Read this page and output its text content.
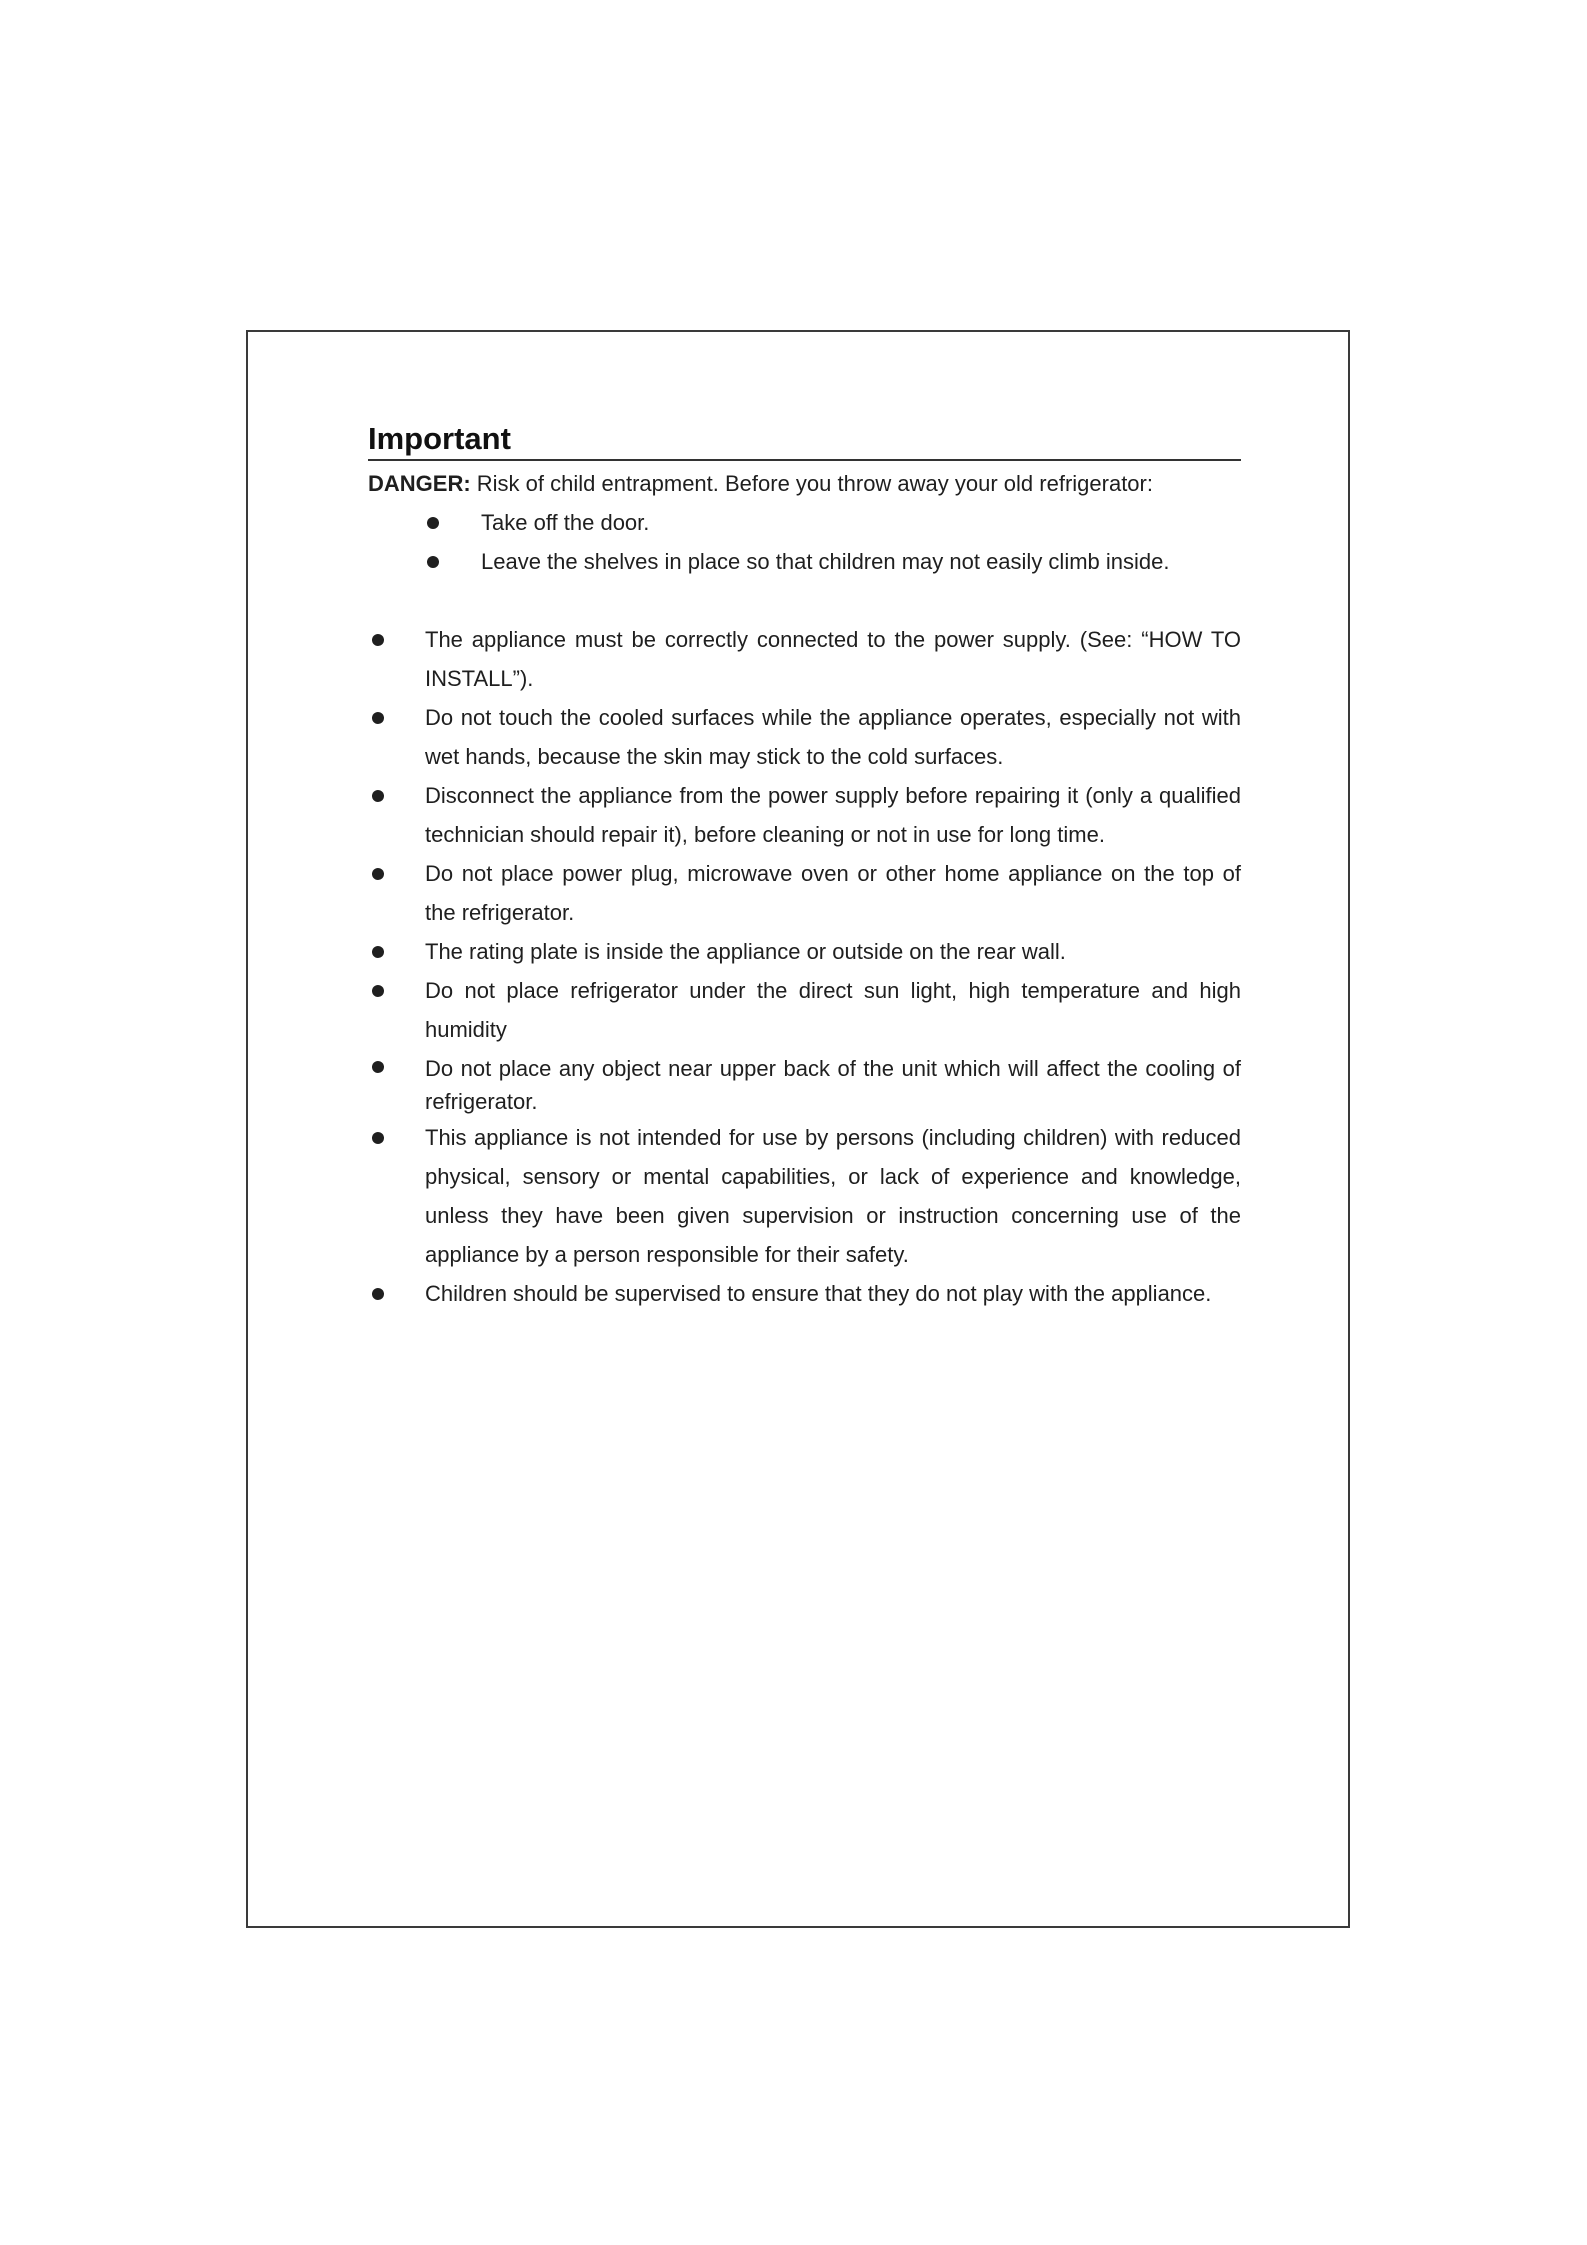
Important

DANGER: Risk of child entrapment. Before you throw away your old refrigerator:

Take off the door.
Leave the shelves in place so that children may not easily climb inside.
The appliance must be correctly connected to the power supply. (See: “HOW TO INSTALL”).
Do not touch the cooled surfaces while the appliance operates, especially not with wet hands, because the skin may stick to the cold surfaces.
Disconnect the appliance from the power supply before repairing it (only a qualified technician should repair it), before cleaning or not in use for long time.
Do not place power plug, microwave oven or other home appliance on the top of the refrigerator.
The rating plate is inside the appliance or outside on the rear wall.
Do not place refrigerator under the direct sun light, high temperature and high humidity
Do not place any object near upper back of the unit which will affect the cooling of refrigerator.
This appliance is not intended for use by persons (including children) with reduced physical, sensory or mental capabilities, or lack of experience and knowledge, unless they have been given supervision or instruction concerning use of the appliance by a person responsible for their safety.
Children should be supervised to ensure that they do not play with the appliance.
